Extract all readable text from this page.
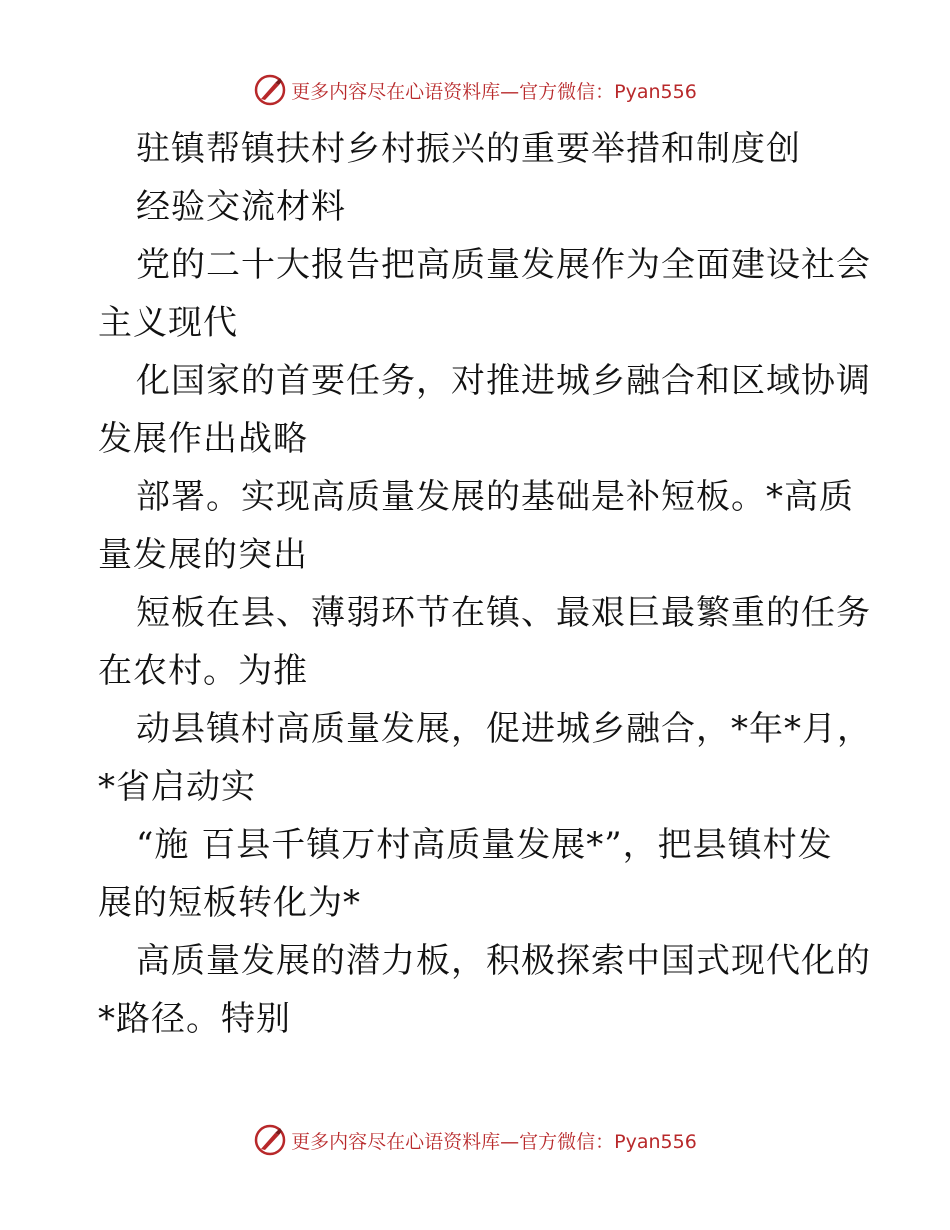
更多内容尽在心语资料库—官方微信：Pyan556
驻镇帮镇扶村乡村振兴的重要举措和制度创
经验交流材料
党的二十大报告把高质量发展作为全面建设社会
主义现代
化国家的首要任务，对推进城乡融合和区域协调
发展作出战略
部署。实现高质量发展的基础是补短板。*高质
量发展的突出
短板在县、薄弱环节在镇、最艰巨最繁重的任务
在农村。为推
动县镇村高质量发展，促进城乡融合，*年*月，
*省启动实
“施 百县千镇万村高质量发展*”，把县镇村发
展的短板转化为*
高质量发展的潜力板，积极探索中国式现代化的
*路径。特别
更多内容尽在心语资料库—官方微信：Pyan556
